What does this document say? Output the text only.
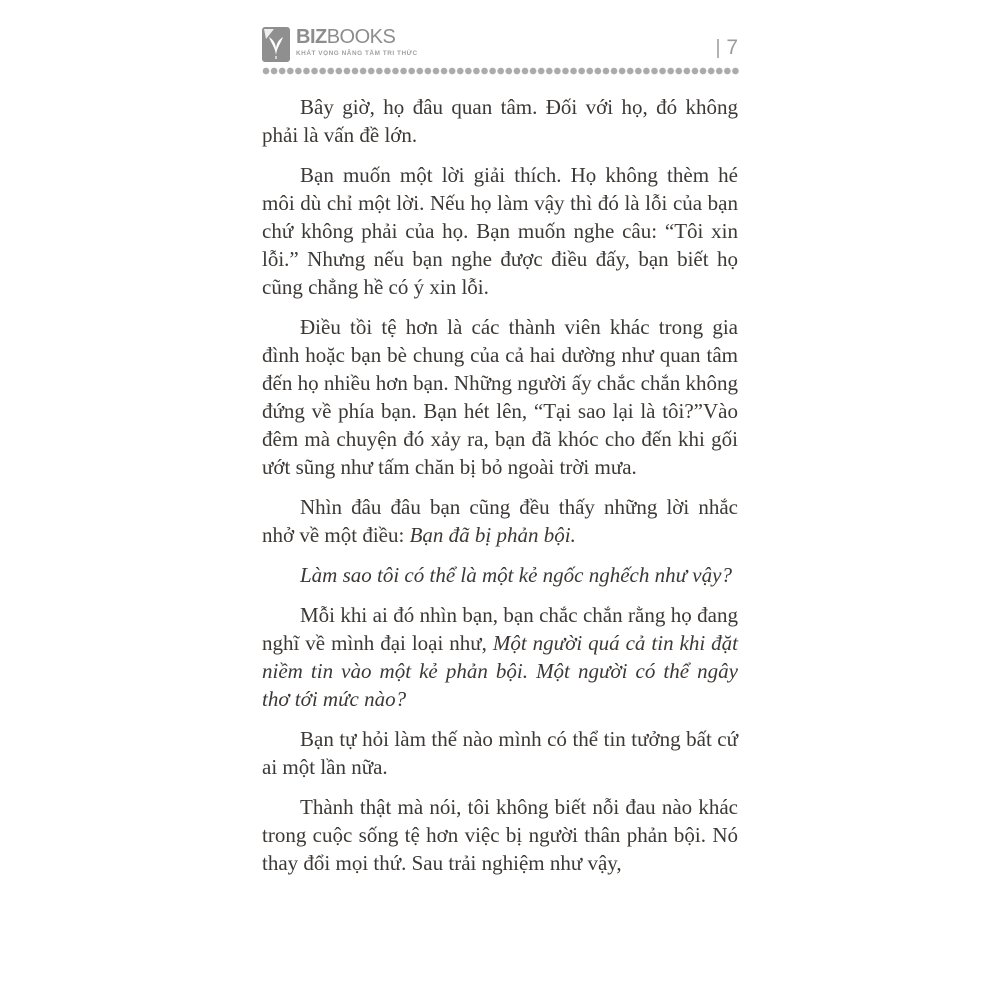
BIZBOOKS
KHÁT VỌNG NÂNG TẦM TRI THỨC	7

Bây giờ, họ đâu quan tâm. Đối với họ, đó không phải là vấn đề lớn.

Bạn muốn một lời giải thích. Họ không thèm hé môi dù chỉ một lời. Nếu họ làm vậy thì đó là lỗi của bạn chứ không phải của họ. Bạn muốn nghe câu: “Tôi xin lỗi.” Nhưng nếu bạn nghe được điều đấy, bạn biết họ cũng chẳng hề có ý xin lỗi.

Điều tồi tệ hơn là các thành viên khác trong gia đình hoặc bạn bè chung của cả hai dường như quan tâm đến họ nhiều hơn bạn. Những người ấy chắc chắn không đứng về phía bạn. Bạn hét lên, “Tại sao lại là tôi?”Vào đêm mà chuyện đó xảy ra, bạn đã khóc cho đến khi gối ướt sũng như tấm chăn bị bỏ ngoài trời mưa.

Nhìn đâu đâu bạn cũng đều thấy những lời nhắc nhở về một điều: Bạn đã bị phản bội.

Làm sao tôi có thể là một kẻ ngốc nghếch như vậy?

Mỗi khi ai đó nhìn bạn, bạn chắc chắn rằng họ đang nghĩ về mình đại loại như, Một người quá cả tin khi đặt niềm tin vào một kẻ phản bội. Một người có thể ngây thơ tới mức nào?

Bạn tự hỏi làm thế nào mình có thể tin tưởng bất cứ ai một lần nữa.

Thành thật mà nói, tôi không biết nỗi đau nào khác trong cuộc sống tệ hơn việc bị người thân phản bội. Nó thay đổi mọi thứ. Sau trải nghiệm như vậy,
